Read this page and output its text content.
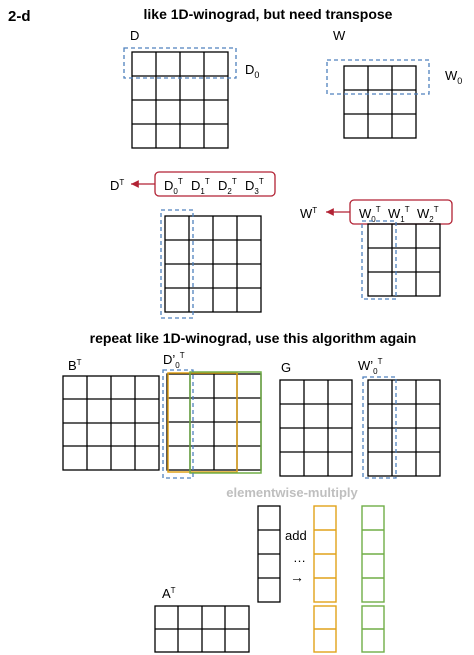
2-d	like 1D-winograd, but need transpose
repeat like 1D-winograd, use this algorithm again
D
$D_0$
W
$W_0$
$D^T$	$D_0^T$ $D_1^T$ $D_2^T$ $D_3^T$
$W^T$	$W_0^T$ $W_1^T$ $W_2^T$
$B^T$	$D’_0^T$
G	$W’_0^T$
elementwise-multiply
add
…
→
$A^T$
